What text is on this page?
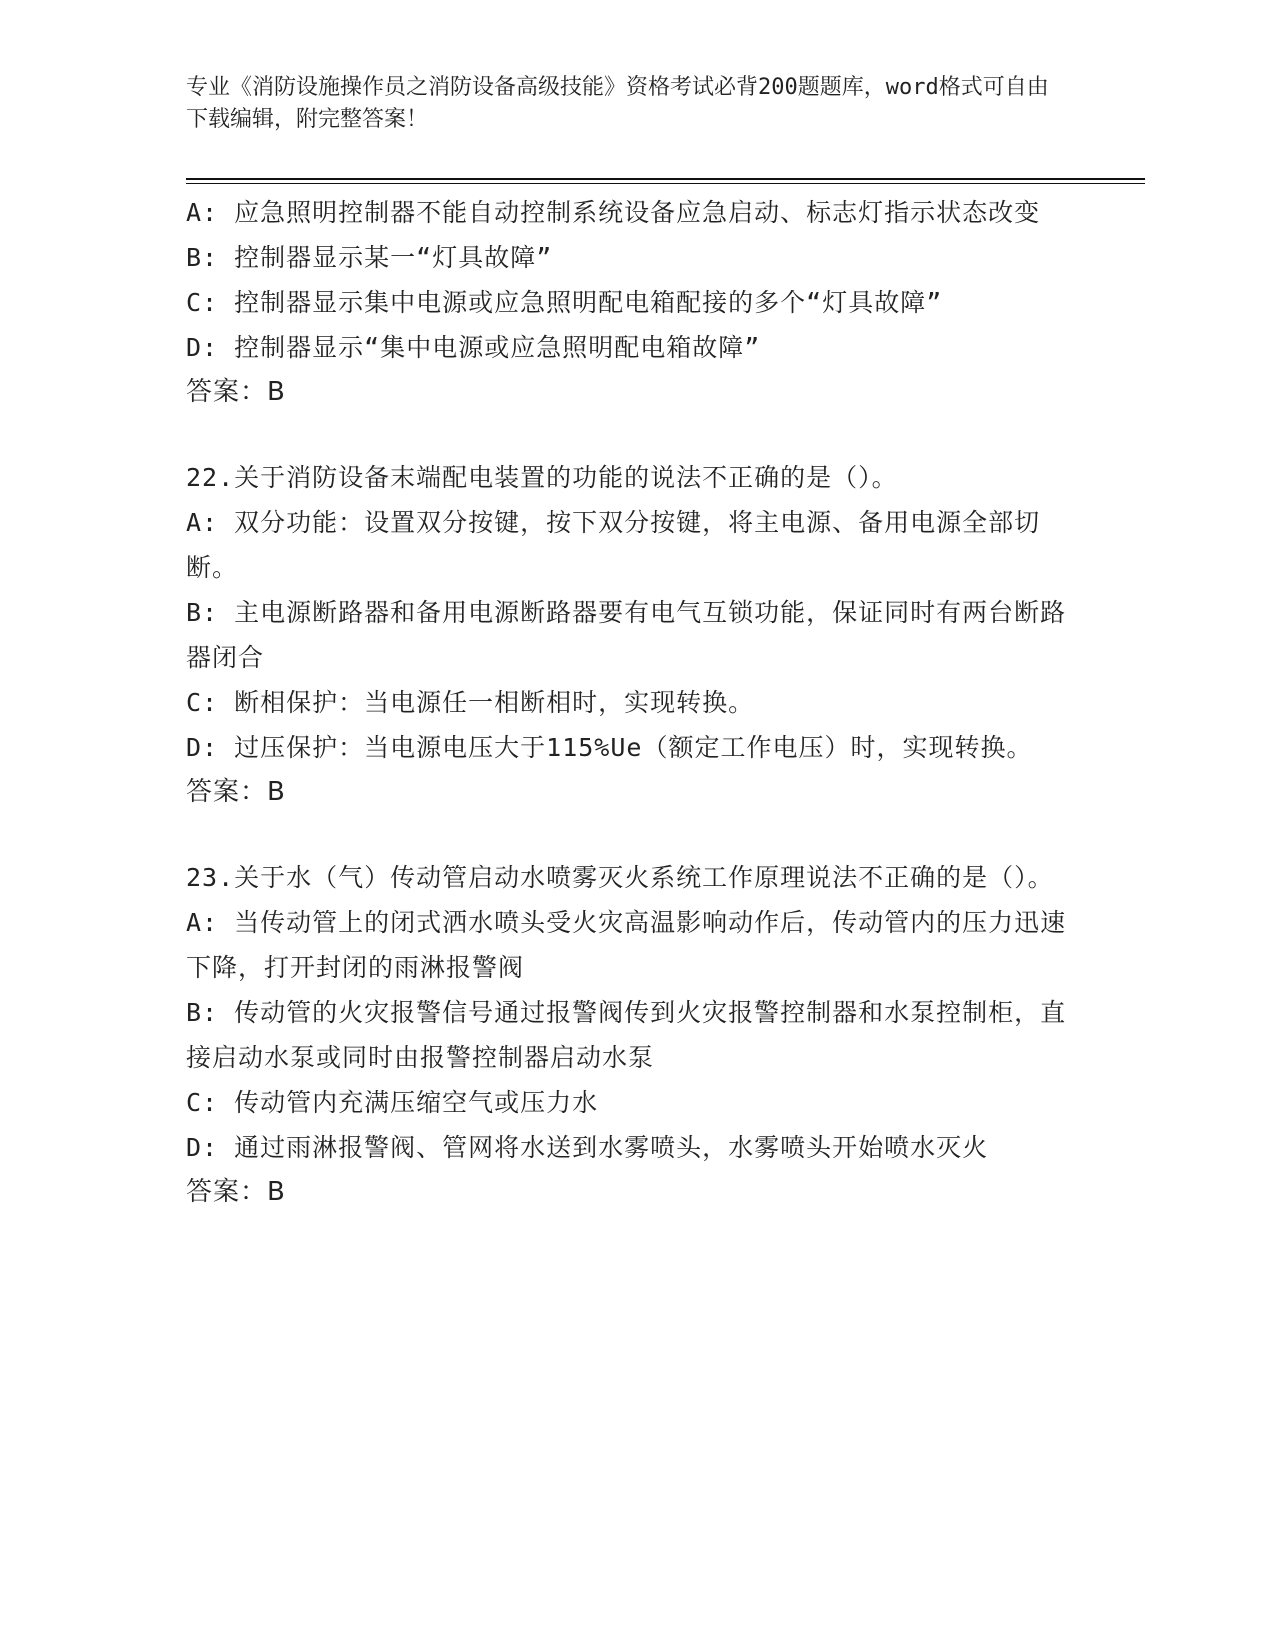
专业《消防设施操作员之消防设备高级技能》资格考试必背200题题库，word格式可自由下载编辑，附完整答案！

A: 应急照明控制器不能自动控制系统设备应急启动、标志灯指示状态改变

B: 控制器显示某一“灯具故障”

C: 控制器显示集中电源或应急照明配电箱配接的多个“灯具故障”

D: 控制器显示“集中电源或应急照明配电箱故障”

答案：B

22.关于消防设备末端配电装置的功能的说法不正确的是（）。

A: 双分功能：设置双分按键，按下双分按键，将主电源、备用电源全部切断。

B: 主电源断路器和备用电源断路器要有电气互锁功能，保证同时有两台断路器闭合

C: 断相保护：当电源任一相断相时，实现转换。

D: 过压保护：当电源电压大于115%Ue（额定工作电压）时，实现转换。

答案：B

23.关于水（气）传动管启动水喷雾灭火系统工作原理说法不正确的是（）。

A: 当传动管上的闭式洒水喷头受火灾高温影响动作后，传动管内的压力迅速下降，打开封闭的雨淋报警阀

B: 传动管的火灾报警信号通过报警阀传到火灾报警控制器和水泵控制柜，直接启动水泵或同时由报警控制器启动水泵

C: 传动管内充满压缩空气或压力水

D: 通过雨淋报警阀、管网将水送到水雾喷头，水雾喷头开始喷水灭火

答案：B
